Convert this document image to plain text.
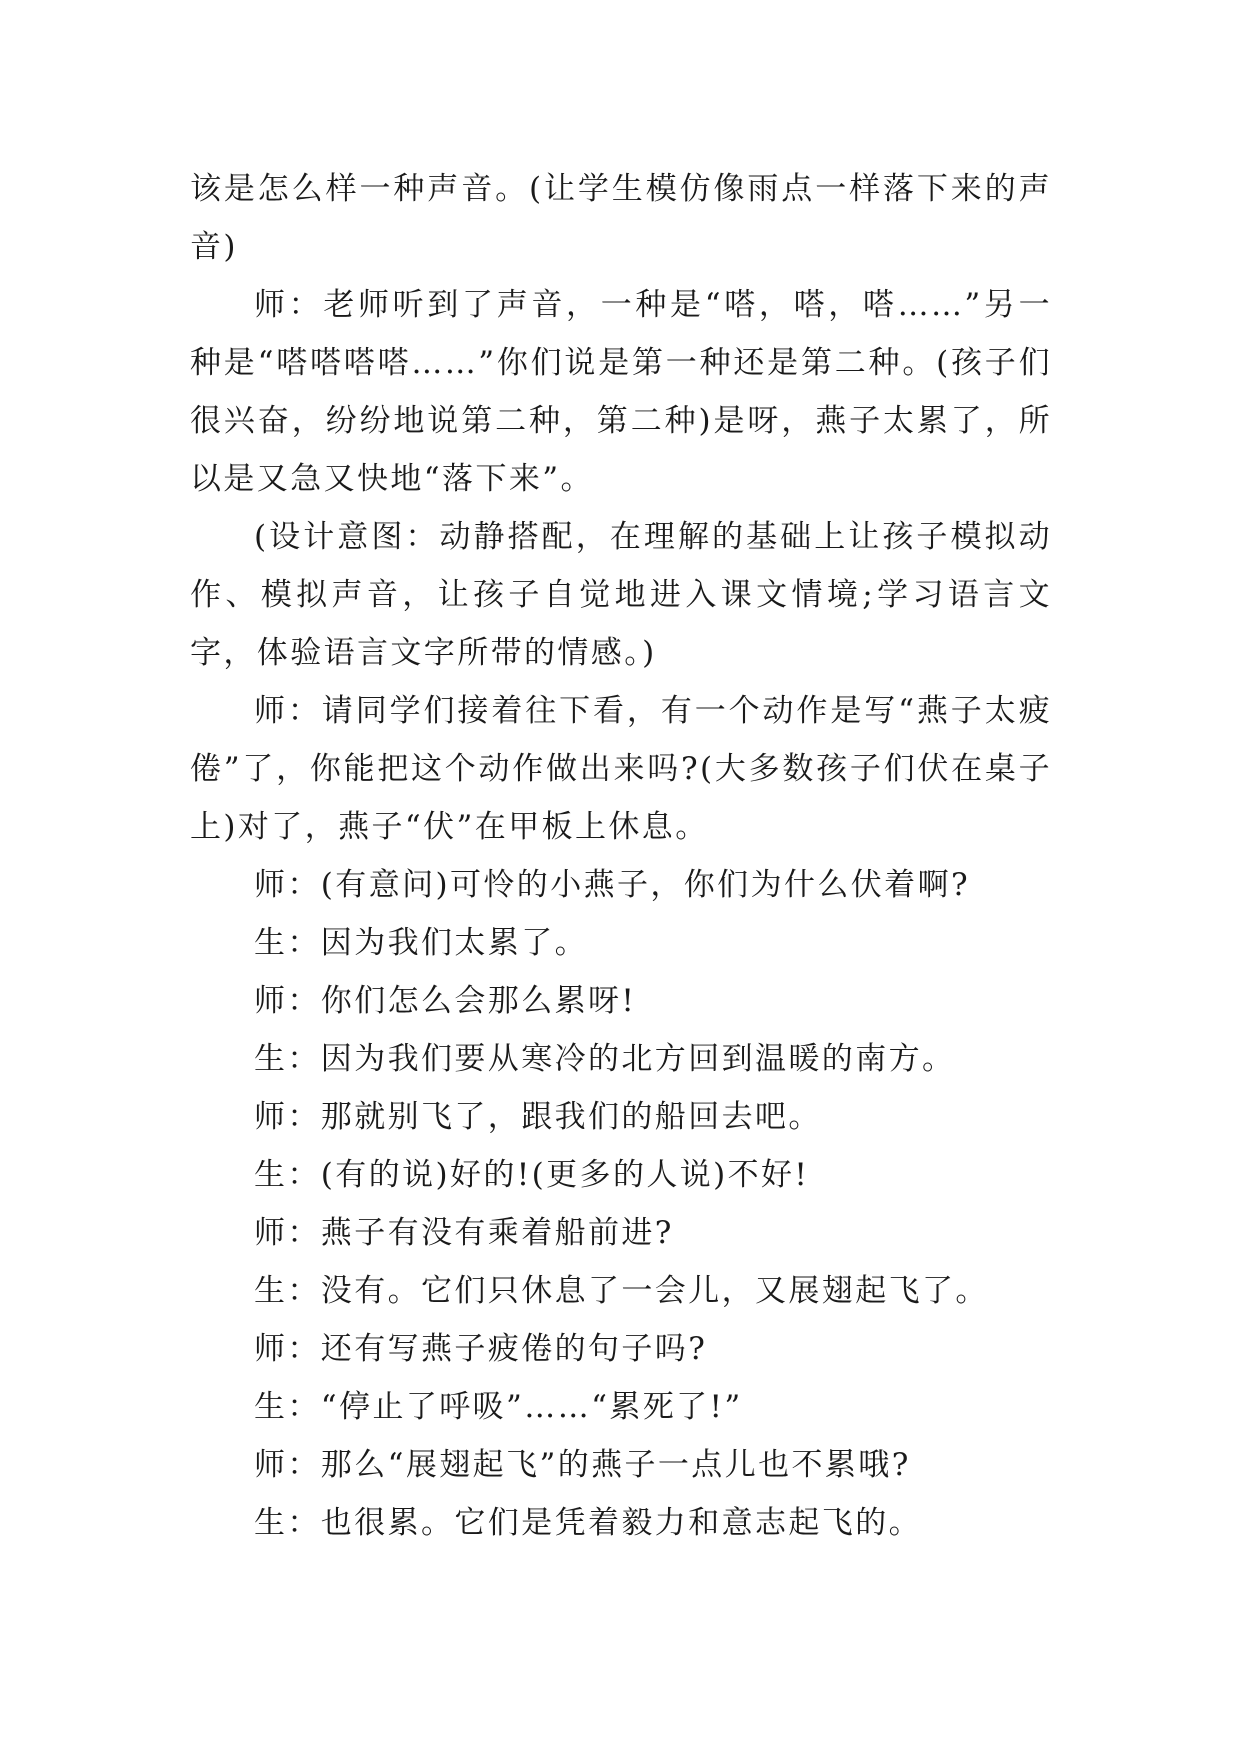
该是怎么样一种声音。(让学生模仿像雨点一样落下来的声音)

师：老师听到了声音，一种是“嗒，嗒，嗒……”另一种是“嗒嗒嗒嗒……”你们说是第一种还是第二种。(孩子们很兴奋，纷纷地说第二种，第二种)是呀，燕子太累了，所以是又急又快地“落下来”。

(设计意图：动静搭配，在理解的基础上让孩子模拟动作、模拟声音，让孩子自觉地进入课文情境;学习语言文字，体验语言文字所带的情感。)

师：请同学们接着往下看，有一个动作是写“燕子太疲倦”了，你能把这个动作做出来吗?(大多数孩子们伏在桌子上)对了，燕子“伏”在甲板上休息。

师：(有意问)可怜的小燕子，你们为什么伏着啊?

生：因为我们太累了。

师：你们怎么会那么累呀!

生：因为我们要从寒冷的北方回到温暖的南方。

师：那就别飞了，跟我们的船回去吧。

生：(有的说)好的!(更多的人说)不好!

师：燕子有没有乘着船前进?

生：没有。它们只休息了一会儿，又展翅起飞了。

师：还有写燕子疲倦的句子吗?

生：“停止了呼吸”……“累死了!”

师：那么“展翅起飞”的燕子一点儿也不累哦?

生：也很累。它们是凭着毅力和意志起飞的。
